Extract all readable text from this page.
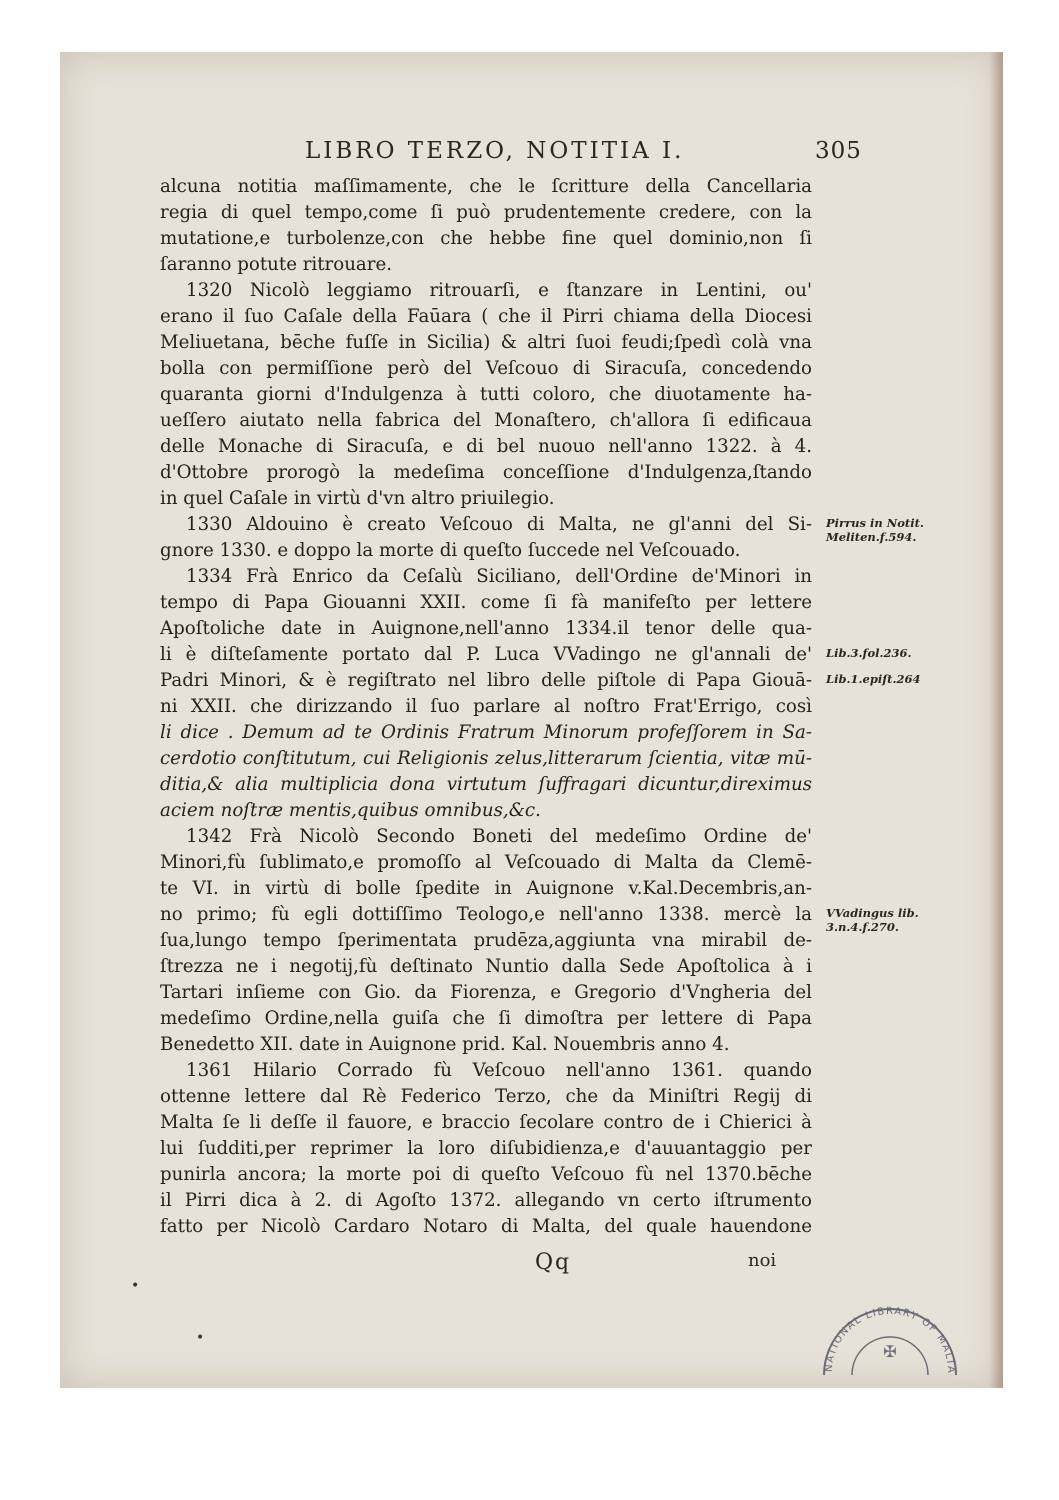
LIBRO TERZO, NOTITIA I.	305
alcuna notitia maſſimamente, che le ſcritture della Cancellaria
regia di quel tempo,come ſi può prudentemente credere, con la
mutatione,e turbolenze,con che hebbe fine quel dominio,non ſi
ſaranno potute ritrouare.
1320 Nicolò leggiamo ritrouarſi, e ſtanzare in Lentini, ou'
erano il ſuo Caſale della Faūara ( che il Pirri chiama della Diocesi
Meliuetana, bēche fuſſe in Sicilia) & altri ſuoi feudi;ſpedì colà vna
bolla con permiſſione però del Veſcouo di Siracuſa, concedendo
quaranta giorni d'Indulgenza à tutti coloro, che diuotamente ha-
ueſſero aiutato nella fabrica del Monaſtero, ch'allora ſi edificaua
delle Monache di Siracuſa, e di bel nuouo nell'anno 1322. à 4.
d'Ottobre prorogò la medeſima conceſſione d'Indulgenza,ſtando
in quel Caſale in virtù d'vn altro priuilegio.
1330 Aldouino è creato Veſcouo di Malta, ne gl'anni del Si-
gnore 1330. e doppo la morte di queſto ſuccede nel Veſcouado.
1334 Frà Enrico da Ceſalù Siciliano, dell'Ordine de'Minori in
tempo di Papa Giouanni XXII. come ſi fà manifeſto per lettere
Apoſtoliche date in Auignone,nell'anno 1334.il tenor delle qua-
li è diſteſamente portato dal P. Luca VVadingo ne gl'annali de'
Padri Minori, & è regiſtrato nel libro delle piſtole di Papa Giouā-
ni XXII. che dirizzando il ſuo parlare al noſtro Frat'Errigo, così
li dice . Demum ad te Ordinis Fratrum Minorum profeſſorem in Sa-
cerdotio conſtitutum, cui Religionis zelus,litterarum ſcientia, vitæ mū-
ditia,& alia multiplicia dona virtutum ſuffragari dicuntur,direximus
aciem noſtræ mentis,quibus omnibus,&c.
1342 Frà Nicolò Secondo Boneti del medeſimo Ordine de'
Minori,fù ſublimato,e promoſſo al Veſcouado di Malta da Clemē-
te VI. in virtù di bolle ſpedite in Auignone v.Kal.Decembris,an-
no primo; fù egli dottiſſimo Teologo,e nell'anno 1338. mercè la
ſua,lungo tempo ſperimentata prudēza,aggiunta vna mirabil de-
ſtrezza ne i negotij,fù deſtinato Nuntio dalla Sede Apoſtolica à i
Tartari inſieme con Gio. da Fiorenza, e Gregorio d'Vngheria del
medeſimo Ordine,nella guiſa che ſi dimoſtra per lettere di Papa
Benedetto XII. date in Auignone prid. Kal. Nouembris anno 4.
1361 Hilario Corrado fù Veſcouo nell'anno 1361. quando
ottenne lettere dal Rè Federico Terzo, che da Miniſtri Regij di
Malta ſe li deſſe il fauore, e braccio ſecolare contro de i Chierici à
lui ſudditi,per reprimer la loro diſubidienza,e d'auuantaggio per
punirla ancora; la morte poi di queſto Veſcouo fù nel 1370.bēche
il Pirri dica à 2. di Agoſto 1372. allegando vn certo iſtrumento
fatto per Nicolò Cardaro Notaro di Malta, del quale hauendone
Pirrus in Notit. Meliten.f.594.
Lib.3.fol.236.
Lib.1.epiſt.264
VVadingus lib. 3.n.4.f.270.
Qq	noi
NATIONAL LIBRARY OF MALTA
✠
•
•
